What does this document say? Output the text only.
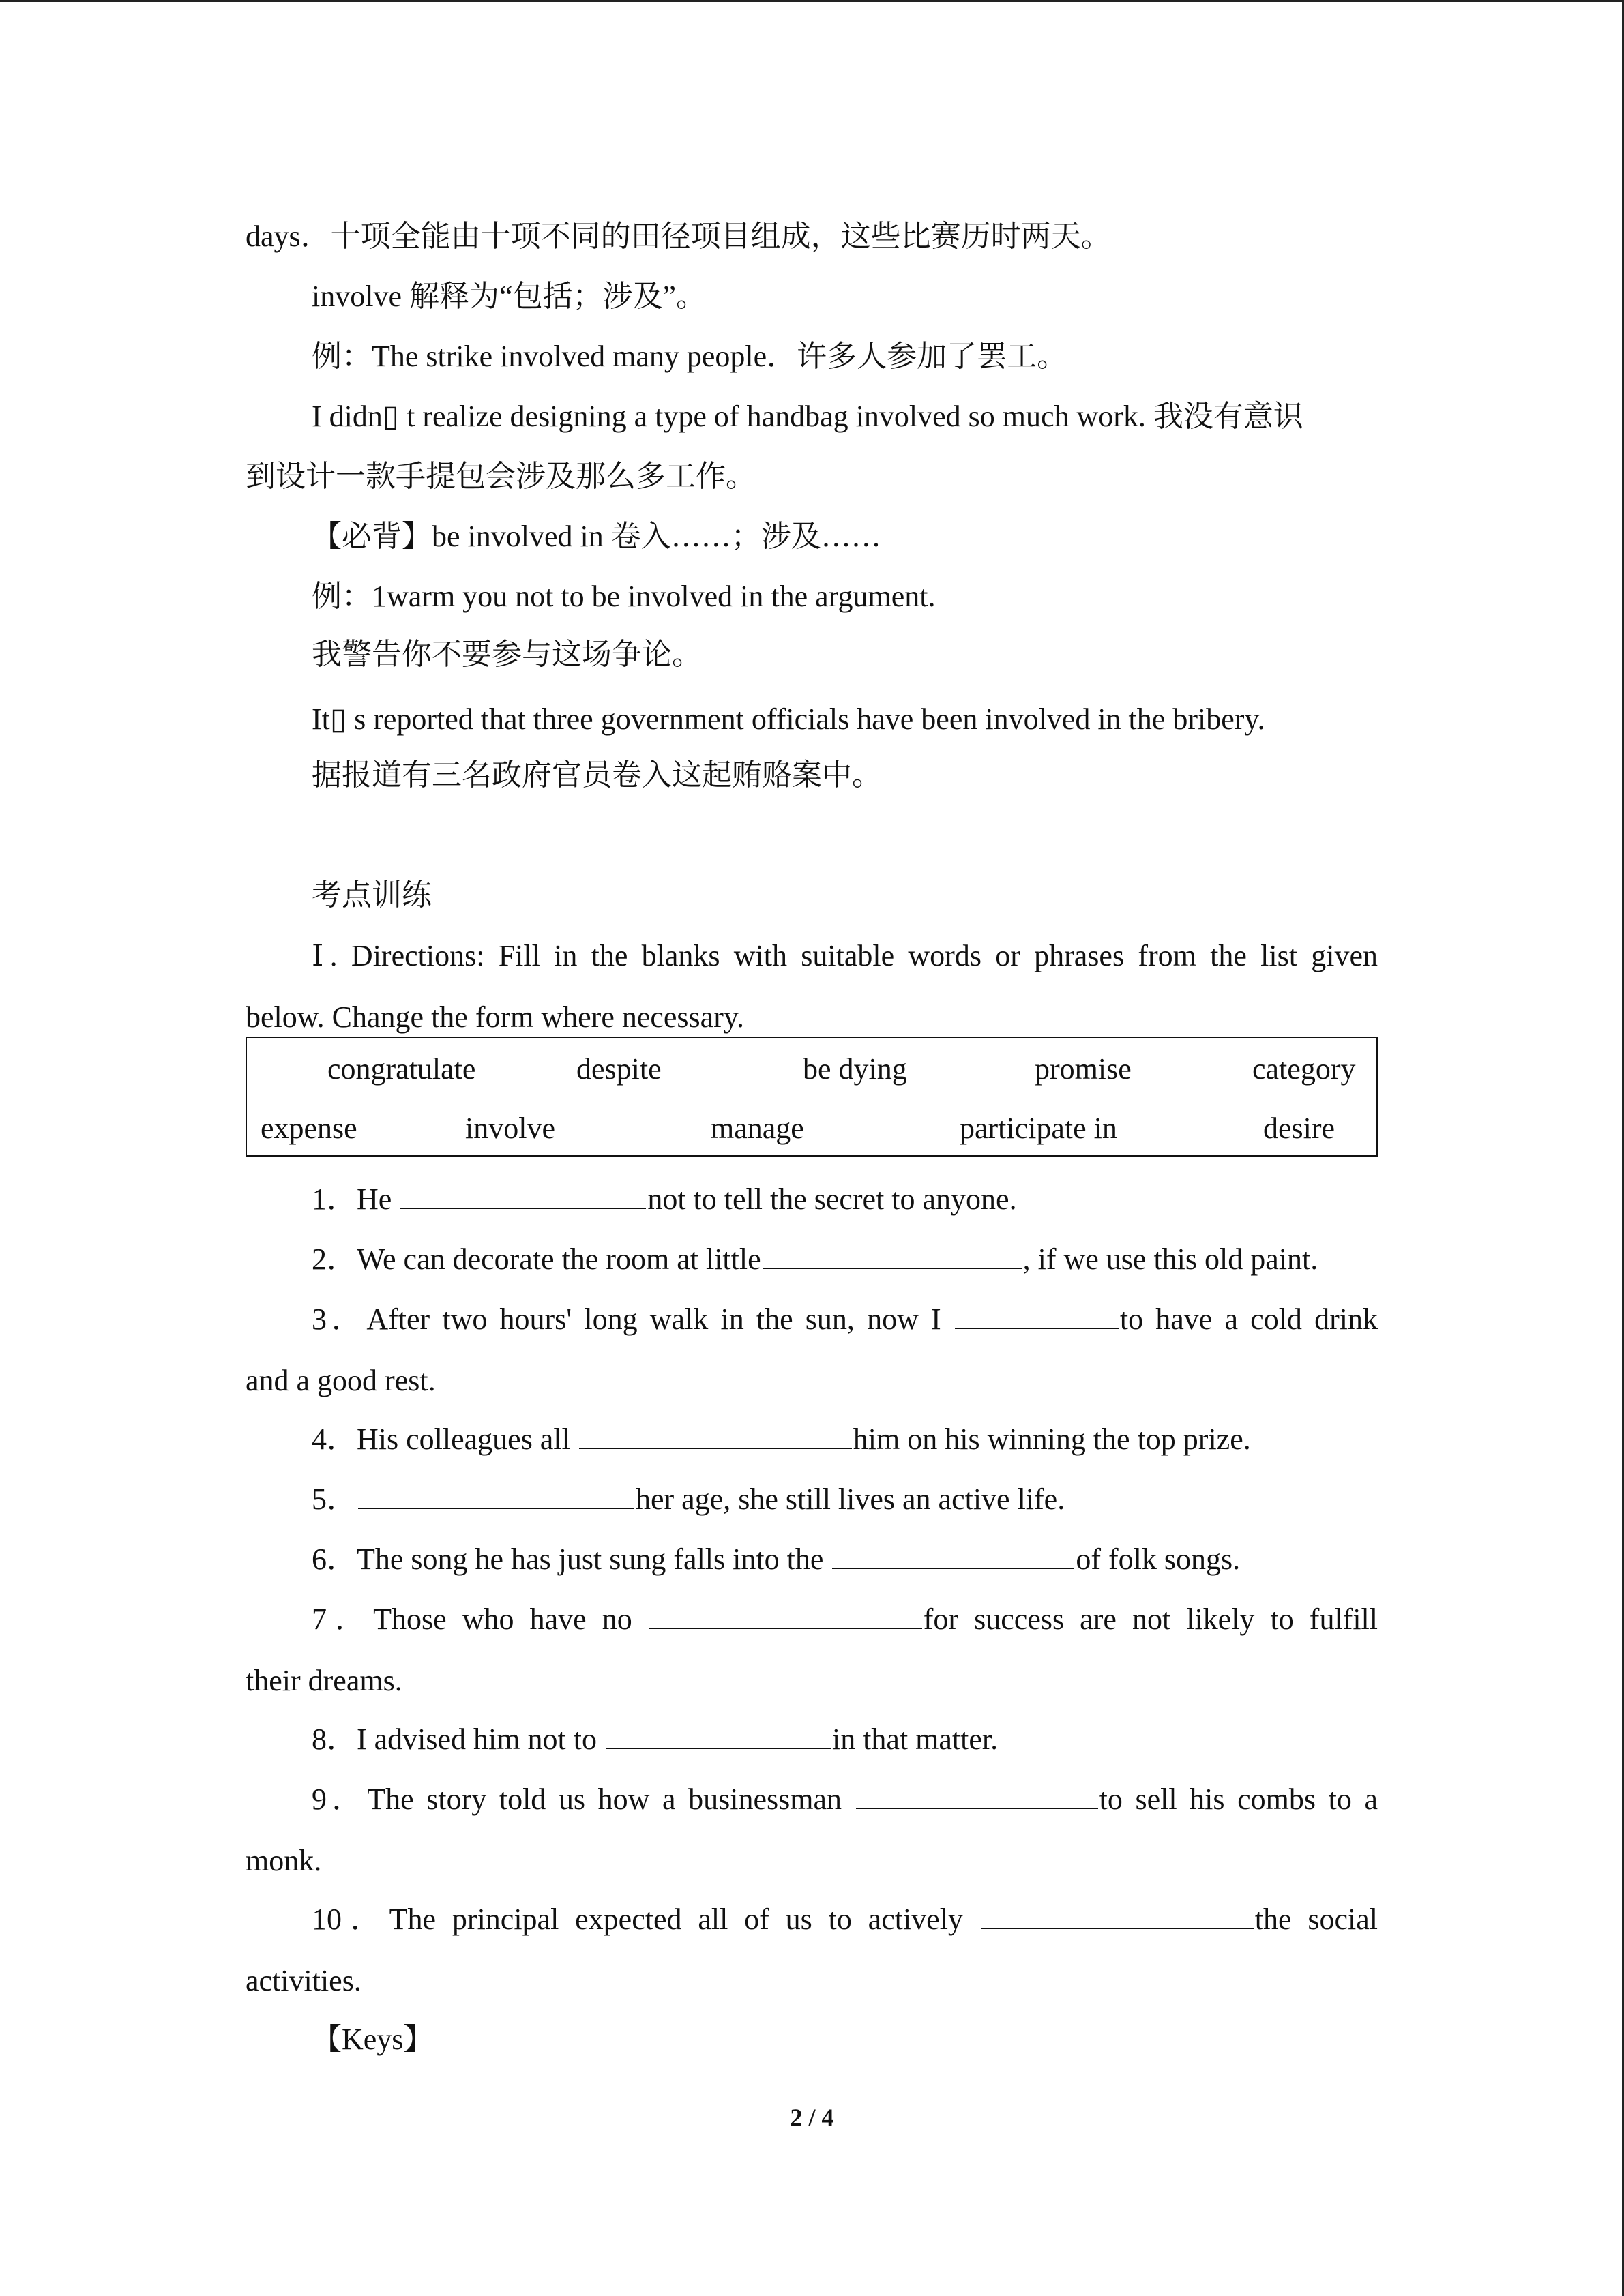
days．十项全能由十项不同的田径项目组成，这些比赛历时两天。
involve 解释为“包括；涉及”。
例：The strike involved many people．许多人参加了罢工。
I didn▯ t realize designing a type of handbag involved so much work. 我没有意识
到设计一款手提包会涉及那么多工作。
【必背】be involved in 卷入……；涉及……
例：1warm you not to be involved in the argument.
我警告你不要参与这场争论。
It▯ s reported that three government officials have been involved in the bribery.
据报道有三名政府官员卷入这起贿赂案中。
考点训练
Ⅰ. Directions: Fill in the blanks with suitable words or phrases from the list given
below. Change the form where necessary.
congratulate	despite	be dying	promise	category
expense	involve	manage	participate in	desire
1．He	not to tell the secret to anyone.
2．We can decorate the room at little	, if we use this old paint.
3．After two hours' long walk in the sun, now I	to have a cold drink
and a good rest.
4．His colleagues all	him on his winning the top prize.
5．	her age, she still lives an active life.
6．The song he has just sung falls into the	of folk songs.
7．Those who have no	for success are not likely to fulfill
their dreams.
8．I advised him not to	in that matter.
9．The story told us how a businessman	to sell his combs to a
monk.
10．The principal expected all of us to actively	the social
activities.
【Keys】
2 / 4
